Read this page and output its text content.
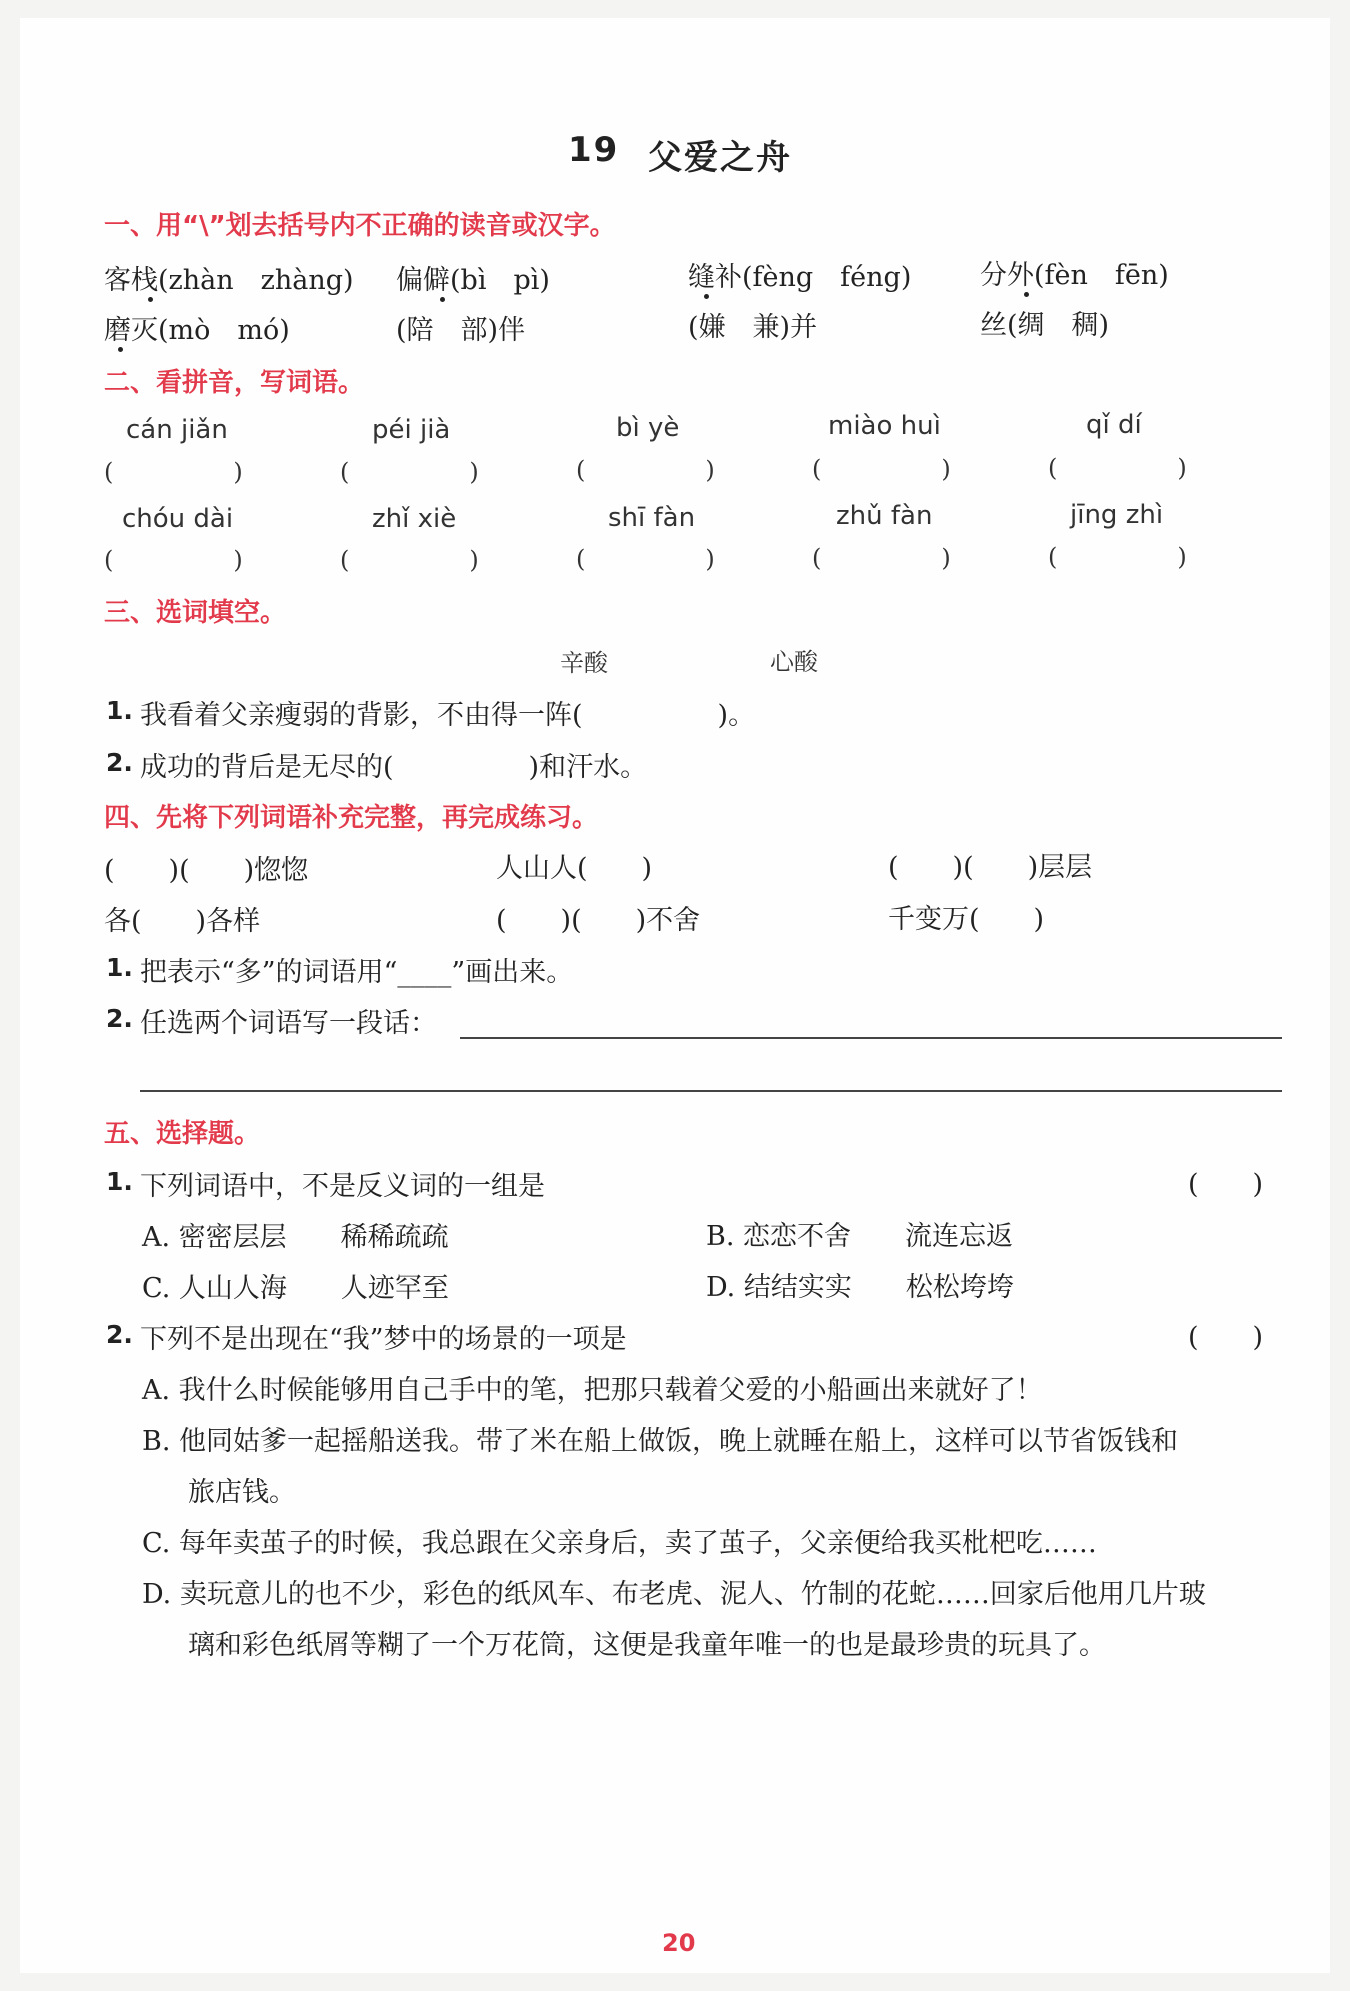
19 父爱之舟
一、用“\”划去括号内不正确的读音或汉字。
客栈(zhàn　zhàng) 偏僻(bì　pì)	缝补(fèng　féng)	分外(fèn　fēn)
磨灭(mò　mó)	(陪　部)伴	(嫌　兼)并	丝(绸　稠)
二、看拼音，写词语。
cán jiǎn	péi jià	bì yè	miào huì	qǐ dí
(　　　　　)	(　　　　　)	(　　　　　)	(　　　　　)	(　　　　　)
chóu dài	zhǐ xiè	shī fàn	zhǔ fàn	jīng zhì
(　　　　　)	(　　　　　)	(　　　　　)	(　　　　　)	(　　　　　)
三、选词填空。
辛酸	心酸
1. 我看着父亲瘦弱的背影，不由得一阵(　　　　　)。
2. 成功的背后是无尽的(　　　　　)和汗水。
四、先将下列词语补充完整，再完成练习。
(　　)(　　)惚惚	人山人(　　)	(　　)(　　)层层
各(　　)各样	(　　)(　　)不舍	千变万(　　)
1. 把表示“多”的词语用“____”画出来。
2. 任选两个词语写一段话：
五、选择题。
1. 下列词语中，不是反义词的一组是	(　　)
A. 密密层层　　稀稀疏疏	B. 恋恋不舍　　流连忘返
C. 人山人海　　人迹罕至	D. 结结实实　　松松垮垮
2. 下列不是出现在“我”梦中的场景的一项是	(　　)
A. 我什么时候能够用自己手中的笔，把那只载着父爱的小船画出来就好了！
B. 他同姑爹一起摇船送我。带了米在船上做饭，晚上就睡在船上，这样可以节省饭钱和
旅店钱。
C. 每年卖茧子的时候，我总跟在父亲身后，卖了茧子，父亲便给我买枇杷吃……
D. 卖玩意儿的也不少，彩色的纸风车、布老虎、泥人、竹制的花蛇……回家后他用几片玻
璃和彩色纸屑等糊了一个万花筒，这便是我童年唯一的也是最珍贵的玩具了。
20
